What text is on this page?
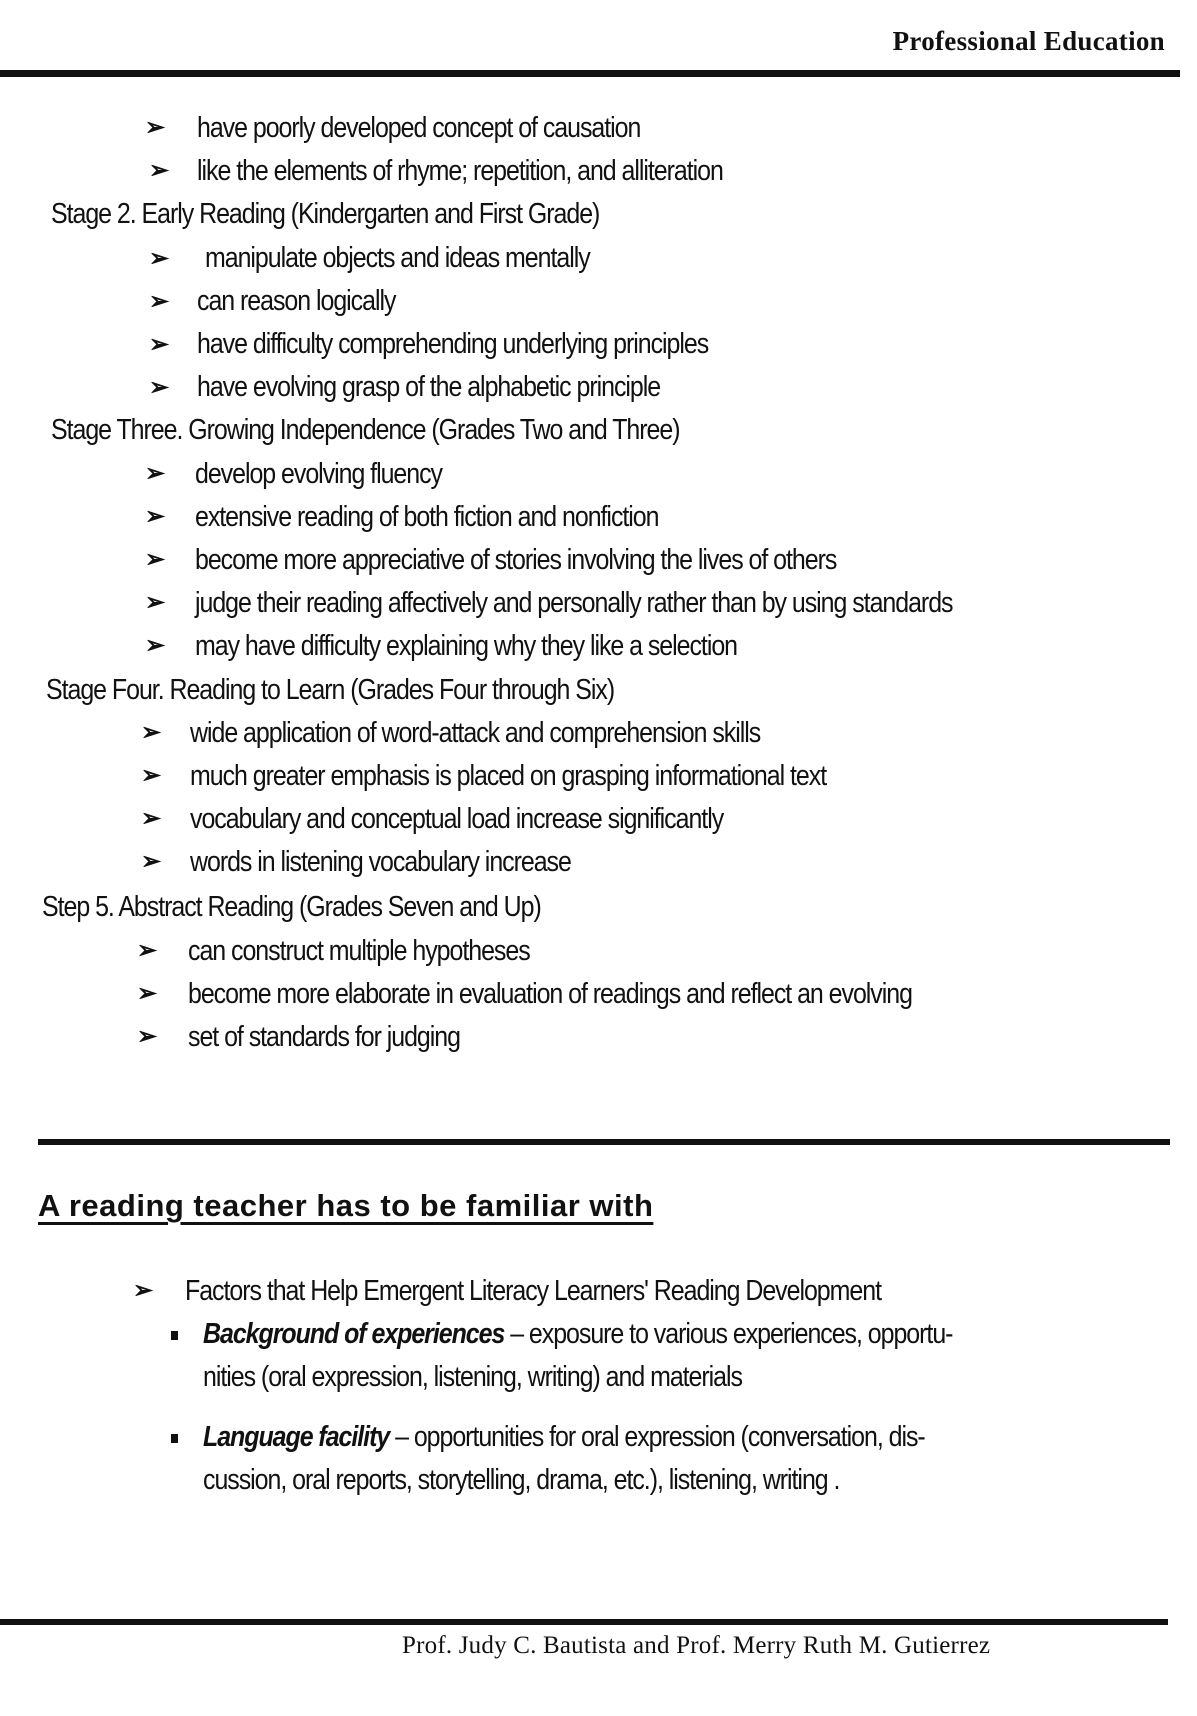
Professional Education
➢ have poorly developed concept of causation
➢ like the elements of rhyme; repetition, and alliteration
Stage 2. Early Reading (Kindergarten and First Grade)
➢ manipulate objects and ideas mentally
➢ can reason logically
➢ have difficulty comprehending underlying principles
➢ have evolving grasp of the alphabetic principle
Stage Three. Growing Independence (Grades Two and Three)
➢ develop evolving fluency
➢ extensive reading of both fiction and nonfiction
➢ become more appreciative of stories involving the lives of others
➢ judge their reading affectively and personally rather than by using standards
➢ may have difficulty explaining why they like a selection
Stage Four. Reading to Learn (Grades Four through Six)
➢ wide application of word-attack and comprehension skills
➢ much greater emphasis is placed on grasping informational text
➢ vocabulary and conceptual load increase significantly
➢ words in listening vocabulary increase
Step 5. Abstract Reading (Grades Seven and Up)
➢ can construct multiple hypotheses
➢ become more elaborate in evaluation of readings and reflect an evolving
➢ set of standards for judging
A reading teacher has to be familiar with
➢ Factors that Help Emergent Literacy Learners' Reading Development
Background of experiences – exposure to various experiences, opportu-
nities (oral expression, listening, writing) and materials
Language facility – opportunities for oral expression (conversation, dis-
cussion, oral reports, storytelling, drama, etc.), listening, writing .
Prof. Judy C. Bautista and Prof. Merry Ruth M. Gutierrez
